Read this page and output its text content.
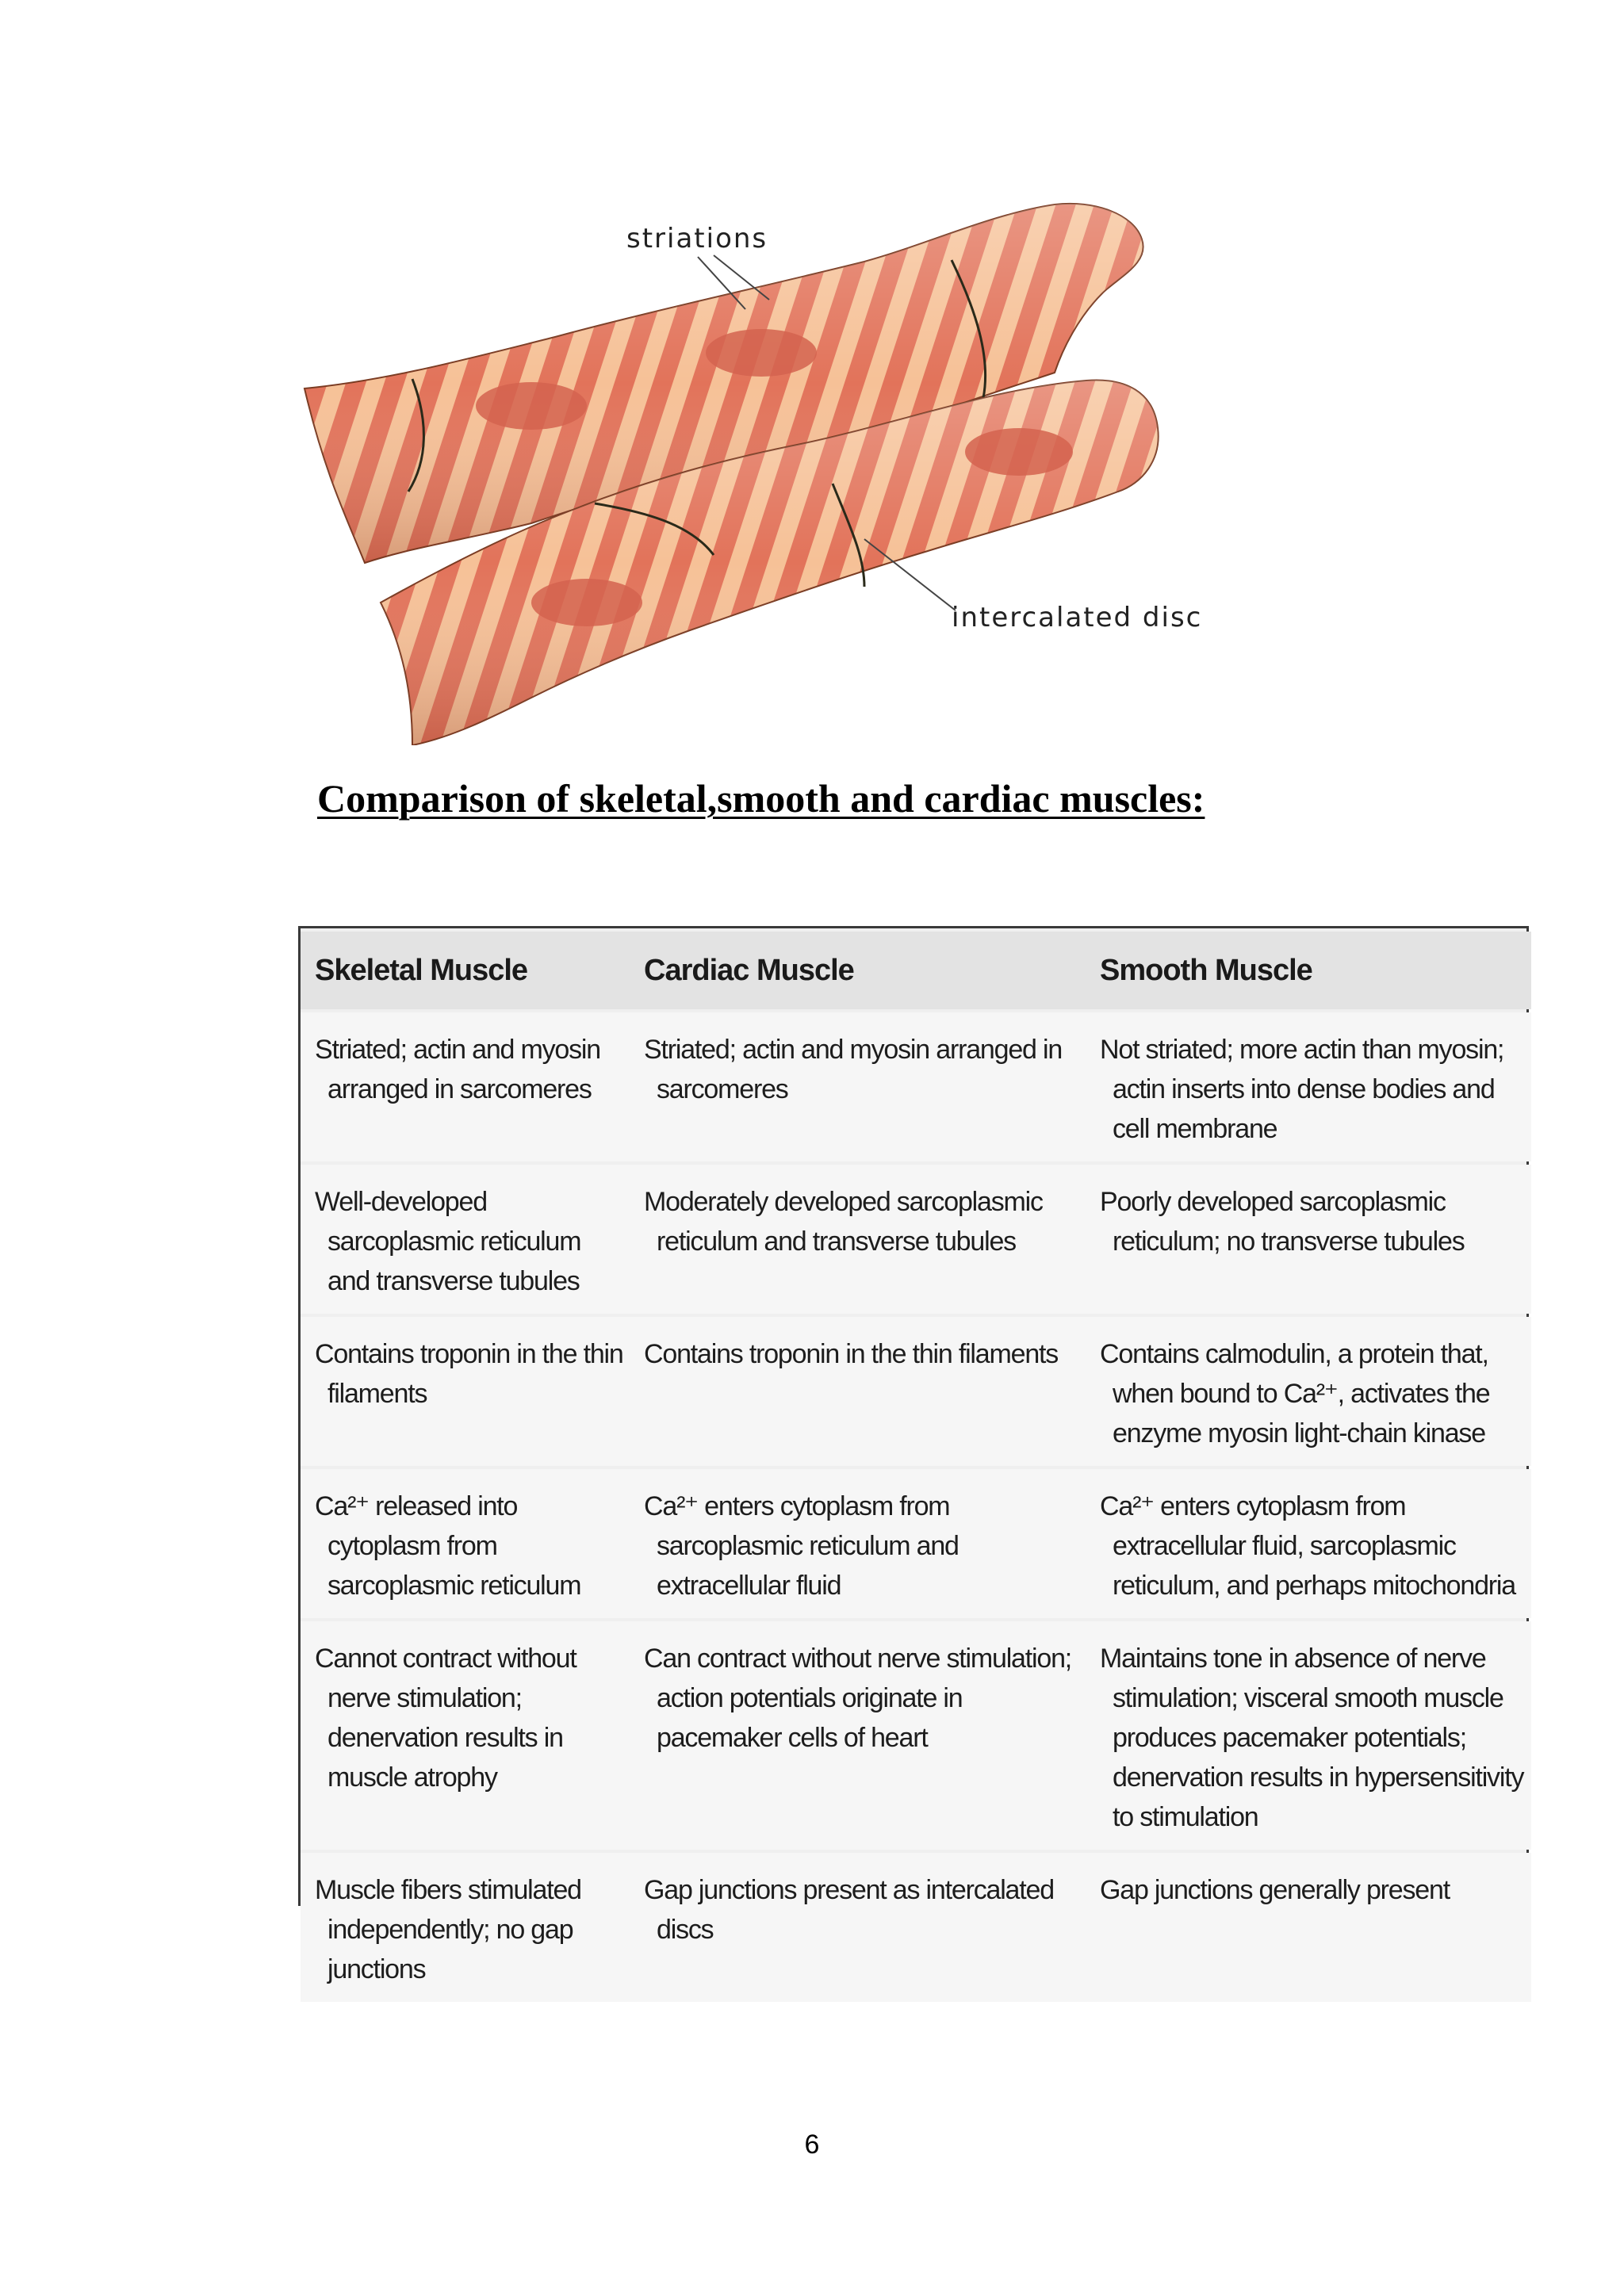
striations
intercalated disc
Comparison of skeletal,smooth and cardiac muscles:
Skeletal Muscle	Cardiac Muscle	Smooth Muscle

Striated; actin and myosin arranged in sarcomeres	Striated; actin and myosin arranged in sarcomeres	Not striated; more actin than myosin; actin inserts into dense bodies and cell membrane

Well-developed sarcoplasmic reticulum and transverse tubules	Moderately developed sarcoplasmic reticulum and transverse tubules	Poorly developed sarcoplasmic reticulum; no transverse tubules

Contains troponin in the thin filaments	Contains troponin in the thin filaments	Contains calmodulin, a protein that, when bound to Ca²⁺, activates the enzyme myosin light-chain kinase

Ca²⁺ released into cytoplasm from sarcoplasmic reticulum	Ca²⁺ enters cytoplasm from sarcoplasmic reticulum and extracellular fluid	Ca²⁺ enters cytoplasm from extracellular fluid, sarcoplasmic reticulum, and perhaps mitochondria

Cannot contract without nerve stimulation; denervation results in muscle atrophy	Can contract without nerve stimulation; action potentials originate in pacemaker cells of heart	Maintains tone in absence of nerve stimulation; visceral smooth muscle produces pacemaker potentials; denervation results in hypersensitivity to stimulation

Muscle fibers stimulated independently; no gap junctions	Gap junctions present as intercalated discs	Gap junctions generally present
6
